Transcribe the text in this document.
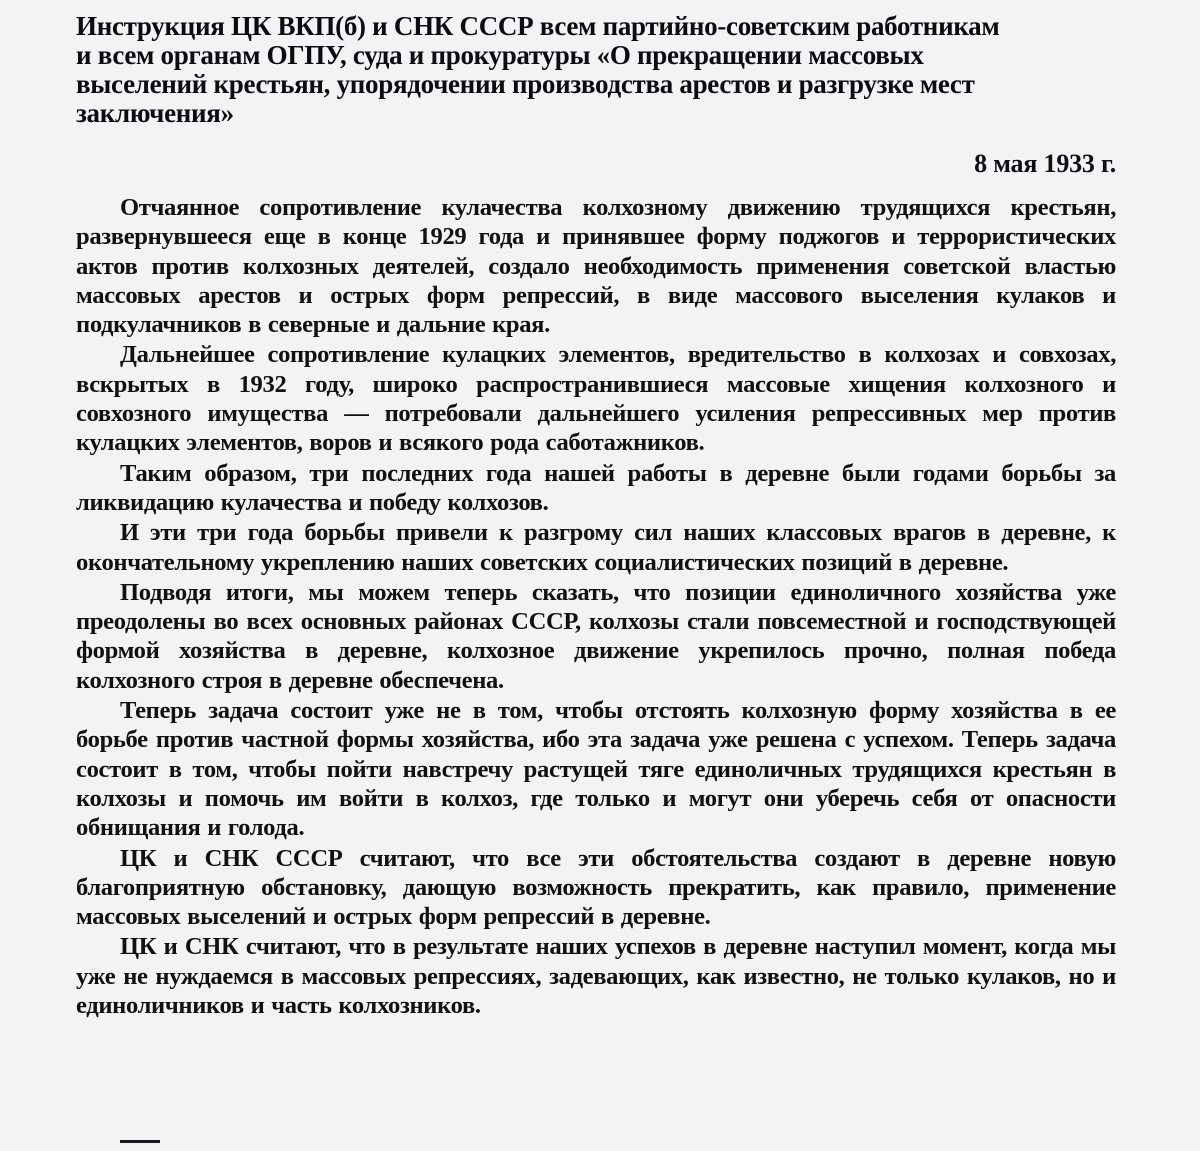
Инструкция ЦК ВКП(б) и СНК СССР всем партийно-советским работникам и всем органам ОГПУ, суда и прокуратуры «О прекращении массовых выселений крестьян, упорядочении производства арестов и разгрузке мест заключения»
8 мая 1933 г.

Отчаянное сопротивление кулачества колхозному движению трудящихся крестьян, развернувшееся еще в конце 1929 года и принявшее форму поджогов и террористических актов против колхозных деятелей, создало необходимость применения советской властью массовых арестов и острых форм репрессий, в виде массового выселения кулаков и подкулачников в северные и дальние края.

Дальнейшее сопротивление кулацких элементов, вредительство в колхозах и совхозах, вскрытых в 1932 году, широко распространившиеся массовые хищения колхозного и совхозного имущества — потребовали дальнейшего усиления репрессивных мер против кулацких элементов, воров и всякого рода саботажников.

Таким образом, три последних года нашей работы в деревне были годами борьбы за ликвидацию кулачества и победу колхозов.

И эти три года борьбы привели к разгрому сил наших классовых врагов в деревне, к окончательному укреплению наших советских социалистических позиций в деревне.

Подводя итоги, мы можем теперь сказать, что позиции единоличного хозяйства уже преодолены во всех основных районах СССР, колхозы стали повсеместной и господствующей формой хозяйства в деревне, колхозное движение укрепилось прочно, полная победа колхозного строя в деревне обеспечена.

Теперь задача состоит уже не в том, чтобы отстоять колхозную форму хозяйства в ее борьбе против частной формы хозяйства, ибо эта задача уже решена с успехом. Теперь задача состоит в том, чтобы пойти навстречу растущей тяге единоличных трудящихся крестьян в колхозы и помочь им войти в колхоз, где только и могут они уберечь себя от опасности обнищания и голода.

ЦК и СНК СССР считают, что все эти обстоятельства создают в деревне новую благоприятную обстановку, дающую возможность прекратить, как правило, применение массовых выселений и острых форм репрессий в деревне.

ЦК и СНК считают, что в результате наших успехов в деревне наступил момент, когда мы уже не нуждаемся в массовых репрессиях, задевающих, как известно, не только кулаков, но и единоличников и часть колхозников.
